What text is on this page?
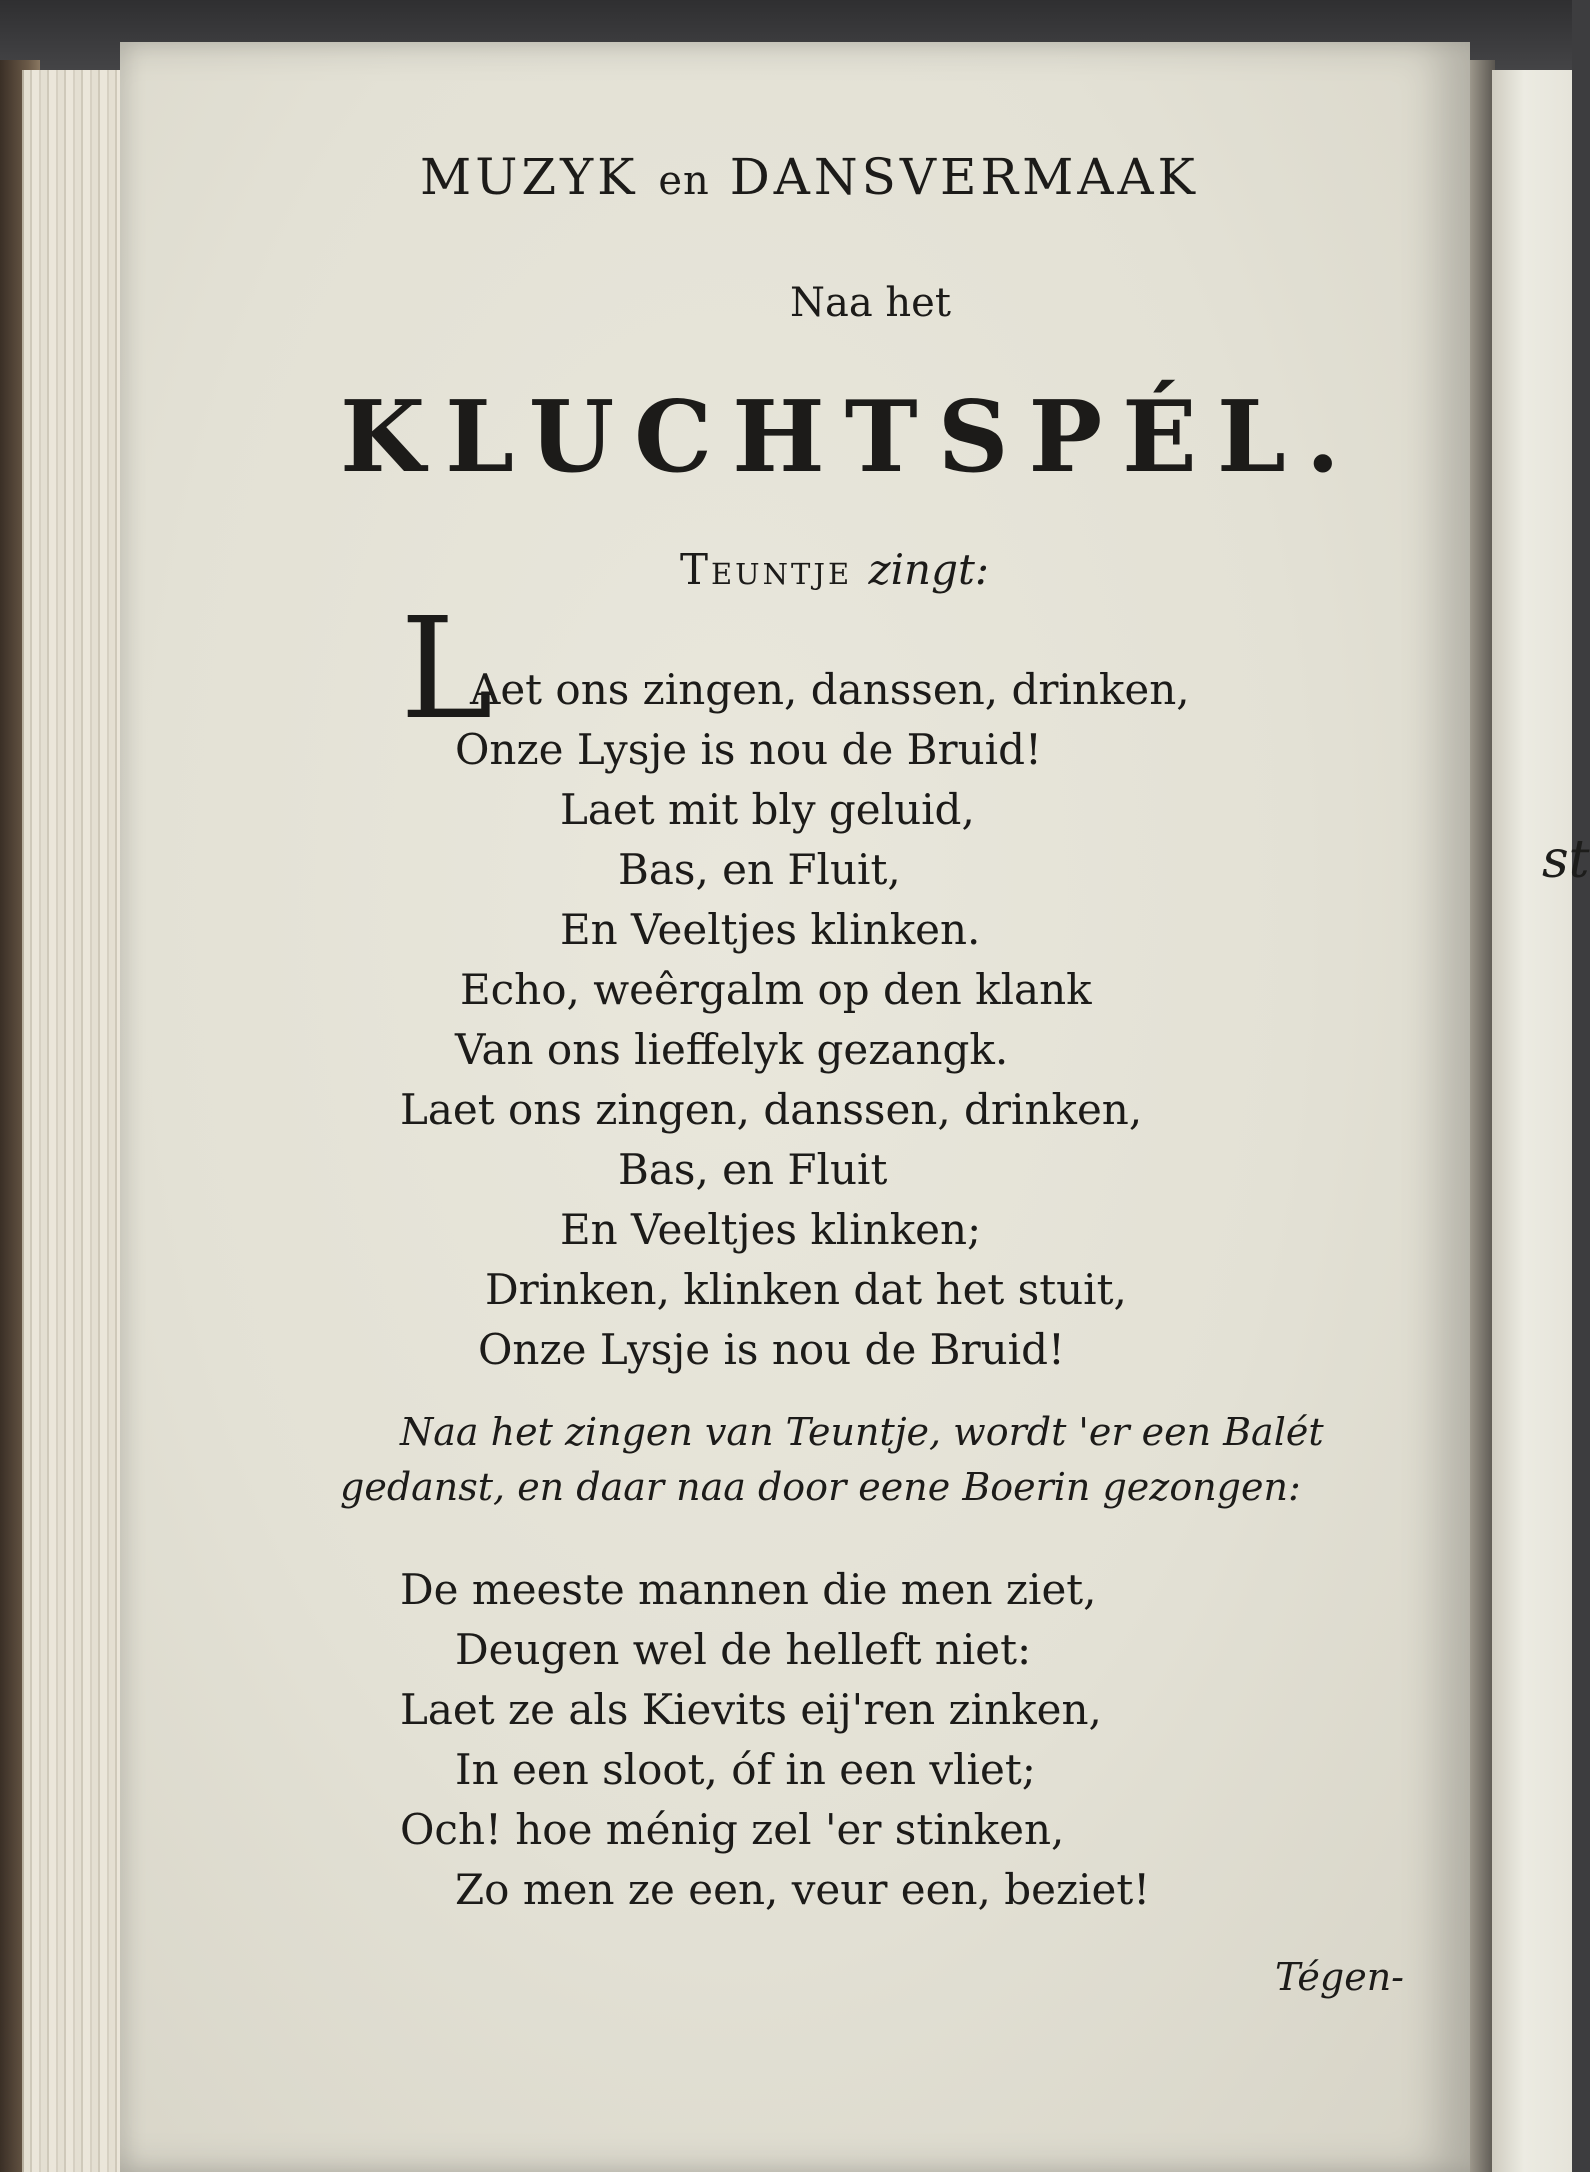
st
MUZYK en DANSVERMAAK
Naa het
KLUCHTSPÉL.
Teuntje zingt:
L
Aet ons zingen, danssen, drinken,
Onze Lysje is nou de Bruid!
Laet mit bly geluid,
Bas, en Fluit,
En Veeltjes klinken.
Echo, weêrgalm op den klank
Van ons lieffelyk gezangk.
Laet ons zingen, danssen, drinken,
Bas, en Fluit
En Veeltjes klinken;
Drinken, klinken dat het stuit,
Onze Lysje is nou de Bruid!
Naa het zingen van Teuntje, wordt 'er een Balét
gedanst, en daar naa door eene Boerin gezongen:
De meeste mannen die men ziet,
Deugen wel de helleft niet:
Laet ze als Kievits eij'ren zinken,
In een sloot, óf in een vliet;
Och! hoe ménig zel 'er stinken,
Zo men ze een, veur een, beziet!
Tégen-
